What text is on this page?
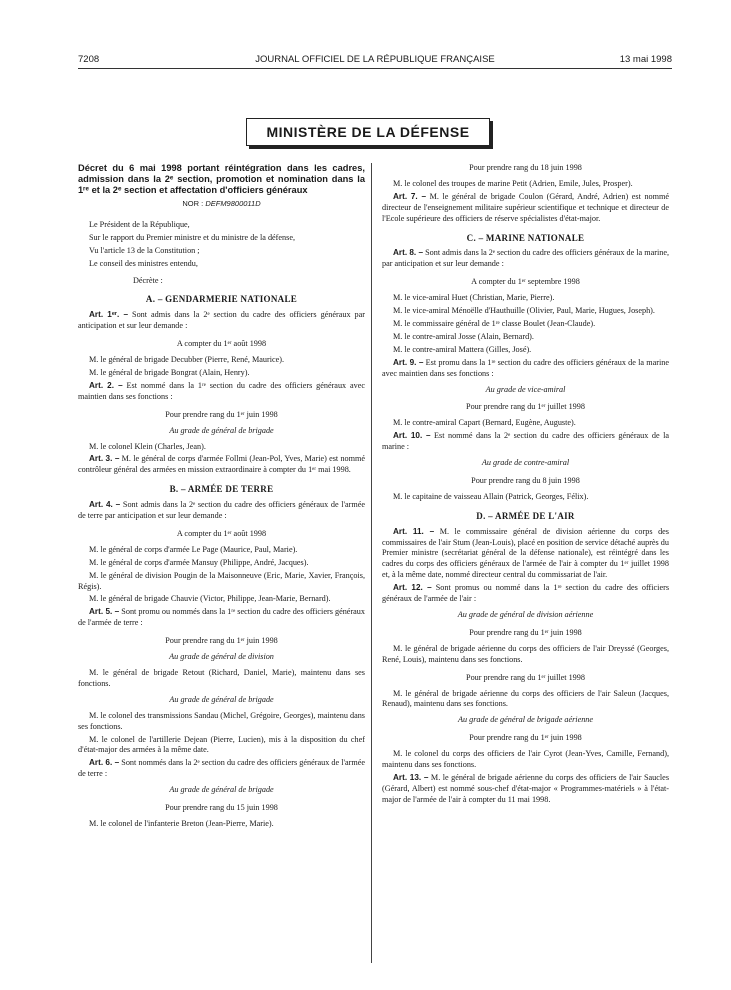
7208	JOURNAL OFFICIEL DE LA RÉPUBLIQUE FRANÇAISE	13 mai 1998
MINISTÈRE DE LA DÉFENSE
Décret du 6 mai 1998 portant réintégration dans les cadres, admission dans la 2ᵉ section, promotion et nomination dans la 1ʳᵉ et la 2ᵉ section et affectation d'officiers généraux
NOR : DEFM9800011D

Le Président de la République,

Sur le rapport du Premier ministre et du ministre de la défense,

Vu l'article 13 de la Constitution ;

Le conseil des ministres entendu,

Décrète :

A. – GENDARMERIE NATIONALE

Art. 1ᵉʳ. – Sont admis dans la 2ᵉ section du cadre des officiers généraux par anticipation et sur leur demande :

A compter du 1ᵉʳ août 1998

M. le général de brigade Decubber (Pierre, René, Maurice).

M. le général de brigade Bongrat (Alain, Henry).

Art. 2. – Est nommé dans la 1ʳᵉ section du cadre des officiers généraux avec maintien dans ses fonctions :

Pour prendre rang du 1ᵉʳ juin 1998
Au grade de général de brigade

M. le colonel Klein (Charles, Jean).

Art. 3. – M. le général de corps d'armée Follmi (Jean-Pol, Yves, Marie) est nommé contrôleur général des armées en mission extraordinaire à compter du 1ᵉʳ mai 1998.

B. – ARMÉE DE TERRE

Art. 4. – Sont admis dans la 2ᵉ section du cadre des officiers généraux de l'armée de terre par anticipation et sur leur demande :

A compter du 1ᵉʳ août 1998

M. le général de corps d'armée Le Page (Maurice, Paul, Marie).

M. le général de corps d'armée Mansuy (Philippe, André, Jacques).

M. le général de division Pougin de la Maisonneuve (Eric, Marie, Xavier, François, Régis).

M. le général de brigade Chauvie (Victor, Philippe, Jean-Marie, Bernard).

Art. 5. – Sont promu ou nommés dans la 1ʳᵉ section du cadre des officiers généraux de l'armée de terre :

Pour prendre rang du 1ᵉʳ juin 1998
Au grade de général de division

M. le général de brigade Retout (Richard, Daniel, Marie), maintenu dans ses fonctions.

Au grade de général de brigade

M. le colonel des transmissions Sandau (Michel, Grégoire, Georges), maintenu dans ses fonctions.

M. le colonel de l'artillerie Dejean (Pierre, Lucien), mis à la disposition du chef d'état-major des armées à la même date.

Art. 6. – Sont nommés dans la 2ᵉ section du cadre des officiers généraux de l'armée de terre :

Au grade de général de brigade
Pour prendre rang du 15 juin 1998

M. le colonel de l'infanterie Breton (Jean-Pierre, Marie).

Pour prendre rang du 18 juin 1998

M. le colonel des troupes de marine Petit (Adrien, Emile, Jules, Prosper).

Art. 7. – M. le général de brigade Coulon (Gérard, André, Adrien) est nommé directeur de l'enseignement militaire supérieur scientifique et technique et directeur de l'Ecole supérieure des officiers de réserve spécialistes d'état-major.

C. – MARINE NATIONALE

Art. 8. – Sont admis dans la 2ᵉ section du cadre des officiers généraux de la marine, par anticipation et sur leur demande :

A compter du 1ᵉʳ septembre 1998

M. le vice-amiral Huet (Christian, Marie, Pierre).

M. le vice-amiral Ménoëlle d'Hauthuille (Olivier, Paul, Marie, Hugues, Joseph).

M. le commissaire général de 1ʳᵉ classe Boulet (Jean-Claude).

M. le contre-amiral Josse (Alain, Bernard).

M. le contre-amiral Mattera (Gilles, José).

Art. 9. – Est promu dans la 1ʳᵉ section du cadre des officiers généraux de la marine avec maintien dans ses fonctions :

Au grade de vice-amiral
Pour prendre rang du 1ᵉʳ juillet 1998

M. le contre-amiral Capart (Bernard, Eugène, Auguste).

Art. 10. – Est nommé dans la 2ᵉ section du cadre des officiers généraux de la marine :

Au grade de contre-amiral
Pour prendre rang du 8 juin 1998

M. le capitaine de vaisseau Allain (Patrick, Georges, Félix).

D. – ARMÉE DE L'AIR

Art. 11. – M. le commissaire général de division aérienne du corps des commissaires de l'air Stum (Jean-Louis), placé en position de service détaché auprès du Premier ministre (secrétariat général de la défense nationale), est réintégré dans les cadres du corps des officiers généraux de l'armée de l'air à compter du 1ᵉʳ juillet 1998 et, à la même date, nommé directeur central du commissariat de l'air.

Art. 12. – Sont promus ou nommé dans la 1ʳᵉ section du cadre des officiers généraux de l'armée de l'air :

Au grade de général de division aérienne
Pour prendre rang du 1ᵉʳ juin 1998

M. le général de brigade aérienne du corps des officiers de l'air Dreyssé (Georges, René, Louis), maintenu dans ses fonctions.

Pour prendre rang du 1ᵉʳ juillet 1998

M. le général de brigade aérienne du corps des officiers de l'air Saleun (Jacques, Renaud), maintenu dans ses fonctions.

Au grade de général de brigade aérienne
Pour prendre rang du 1ᵉʳ juin 1998

M. le colonel du corps des officiers de l'air Cyrot (Jean-Yves, Camille, Fernand), maintenu dans ses fonctions.

Art. 13. – M. le général de brigade aérienne du corps des officiers de l'air Saucles (Gérard, Albert) est nommé sous-chef d'état-major « Programmes-matériels » à l'état-major de l'armée de l'air à compter du 11 mai 1998.
